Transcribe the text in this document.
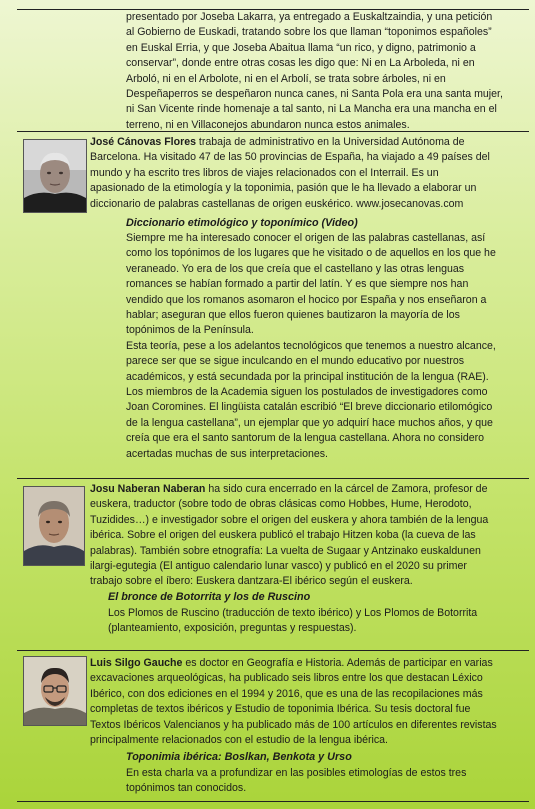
presentado por Joseba Lakarra, ya entregado a Euskaltzaindia, y una petición
al Gobierno de Euskadi, tratando sobre los que llaman “toponimos españoles”
en Euskal Erria, y que Joseba Abaitua llama “un rico, y digno, patrimonio a
conservar”, donde entre otras cosas les digo que: Ni en La Arboleda, ni en
Arboló, ni en el Arbolote, ni en el Arbolí, se trata sobre árboles, ni en
Despeñaperros se despeñaron nunca canes, ni Santa Pola era una santa mujer,
ni San Vicente rinde homenaje a tal santo, ni La Mancha era una mancha en el
terreno, ni en Villaconejos abundaron nunca estos animales.
José Cánovas Flores trabaja de administrativo en la Universidad Autónoma de
Barcelona. Ha visitado 47 de las 50 provincias de España, ha viajado a 49 países del
mundo y ha escrito tres libros de viajes relacionados con el Interrail. Es un
apasionado de la etimología y la toponimia, pasión que le ha llevado a elaborar un
diccionario de palabras castellanas de origen euskérico. www.josecanovas.com
Diccionario etimológico y toponímico (Video)
Siempre me ha interesado conocer el origen de las palabras castellanas, así
como los topónimos de los lugares que he visitado o de aquellos en los que he
veraneado. Yo era de los que creía que el castellano y las otras lenguas
romances se habían formado a partir del latín. Y es que siempre nos han
vendido que los romanos asomaron el hocico por España y nos enseñaron a
hablar; aseguran que ellos fueron quienes bautizaron la mayoría de los
topónimos de la Península.
Esta teoría, pese a los adelantos tecnológicos que tenemos a nuestro alcance,
parece ser que se sigue inculcando en el mundo educativo por nuestros
académicos, y está secundada por la principal institución de la lengua (RAE).
Los miembros de la Academia siguen los postulados de investigadores como
Joan Coromines. El lingüista catalán escribió “El breve diccionario etilomógico
de la lengua castellana”, un ejemplar que yo adquirí hace muchos años, y que
creía que era el santo santorum de la lengua castellana. Ahora no considero
acertadas muchas de sus interpretaciones.
Josu Naberan Naberan ha sido cura encerrado en la cárcel de Zamora, profesor de
euskera, traductor (sobre todo de obras clásicas como Hobbes, Hume, Herodoto,
Tuzidides…) e investigador sobre el origen del euskera y ahora también de la lengua
ibérica. Sobre el origen del euskera publicó el trabajo Hitzen koba (la cueva de las
palabras). También sobre etnografía: La vuelta de Sugaar y Antzinako euskaldunen
ilargi-egutegia (El antiguo calendario lunar vasco) y publicó en el 2020 su primer
trabajo sobre el íbero: Euskera dantzara-El ibérico según el euskera.
El bronce de Botorrita y los de Ruscino
Los Plomos de Ruscino (traducción de texto ibérico) y Los Plomos de Botorrita
(planteamiento, exposición, preguntas y respuestas).
Luis Silgo Gauche es doctor en Geografía e Historia. Además de participar en varias
excavaciones arqueológicas, ha publicado seis libros entre los que destacan Léxico
Ibérico, con dos ediciones en el 1994 y 2016, que es una de las recopilaciones más
completas de textos ibéricos y Estudio de toponimia Ibérica. Su tesis doctoral fue
Textos Ibéricos Valencianos y ha publicado más de 100 artículos en diferentes revistas
principalmente relacionados con el estudio de la lengua ibérica.
Toponimia ibérica: Boslkan, Benkota y Urso
En esta charla va a profundizar en las posibles etimologías de estos tres
topónimos tan conocidos.
